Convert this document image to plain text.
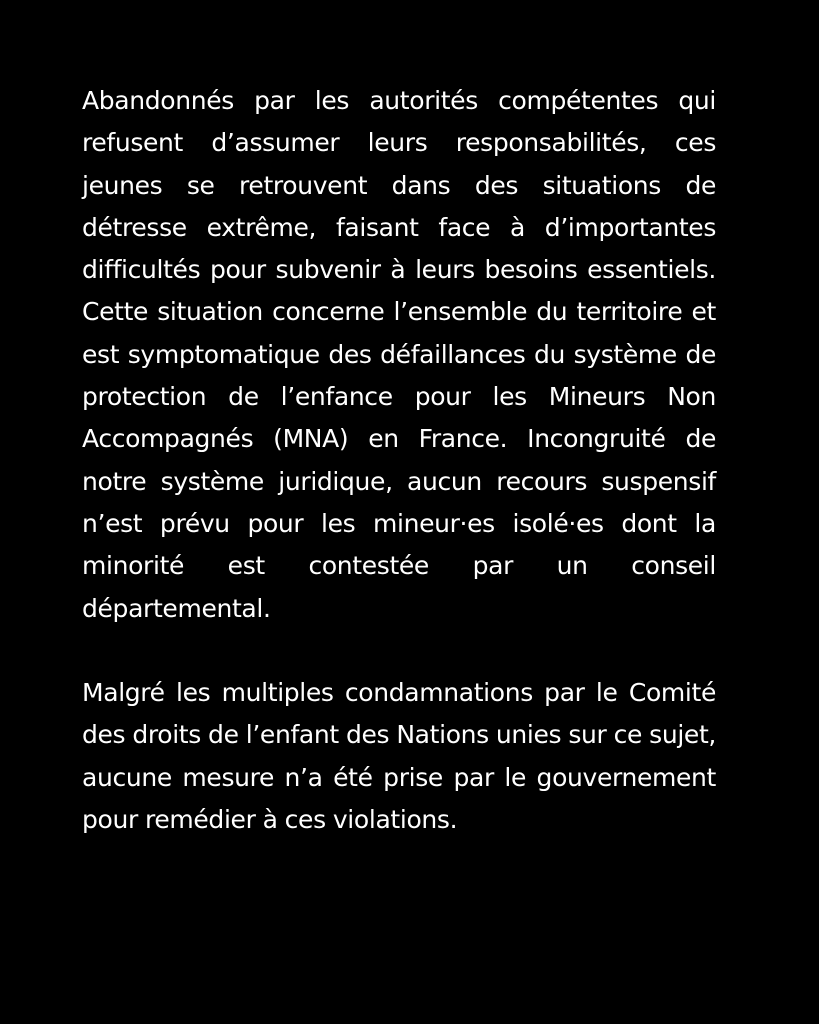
Abandonnés par les autorités compétentes qui refusent d’assumer leurs responsabilités, ces jeunes se retrouvent dans des situations de détresse extrême, faisant face à d’importantes difficultés pour subvenir à leurs besoins essentiels. Cette situation concerne l’ensemble du territoire et est symptomatique des défaillances du système de protection de l’enfance pour les Mineurs Non Accompagnés (MNA) en France. Incongruité de notre système juridique, aucun recours suspensif n’est prévu pour les mineur·es isolé·es dont la minorité est contestée par un conseil départemental.

Malgré les multiples condamnations par le Comité des droits de l’enfant des Nations unies sur ce sujet, aucune mesure n’a été prise par le gouvernement pour remédier à ces violations.
